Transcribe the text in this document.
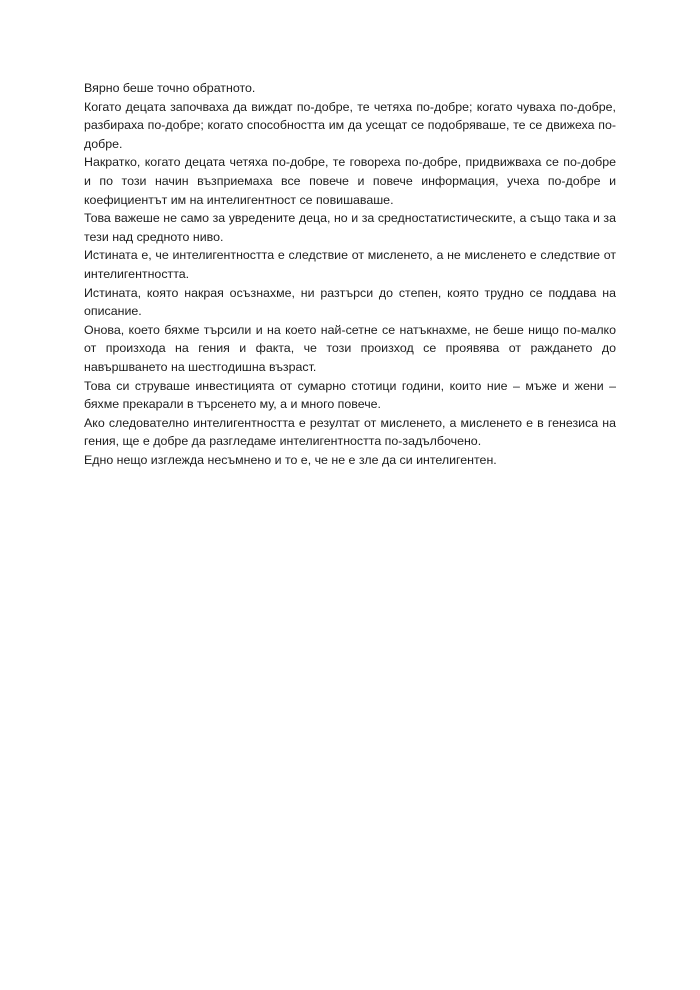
Вярно беше точно обратното.

Когато децата започваха да виждат по-добре, те четяха по-добре; когато чуваха по-добре, разбираха по-добре; когато способността им да усещат се подобряваше, те се движеха по-добре.

Накратко, когато децата четяха по-добре, те говореха по-добре, придвижваха се по-добре и по този начин възприемаха все повече и повече информация, учеха по-добре и коефициентът им на интелигентност се повишаваше.

Това важеше не само за увредените деца, но и за средностатистическите, а също така и за тези над средното ниво.

Истината е, че интелигентността е следствие от мисленето, а не мисленето е следствие от интелигентността.

Истината, която накрая осъзнахме, ни разтърси до степен, която трудно се поддава на описание.

Онова, което бяхме търсили и на което най-сетне се натъкнахме, не беше нищо по-малко от произхода на гения и факта, че този произход се проявява от раждането до навършването на шестгодишна възраст.

Това си струваше инвестицията от сумарно стотици години, които ние – мъже и жени – бяхме прекарали в търсенето му, а и много повече.

Ако следователно интелигентността е резултат от мисленето, а мисленето е в генезиса на гения, ще е добре да разгледаме интелигентността по-задълбочено.

Едно нещо изглежда несъмнено и то е, че не е зле да си интелигентен.
